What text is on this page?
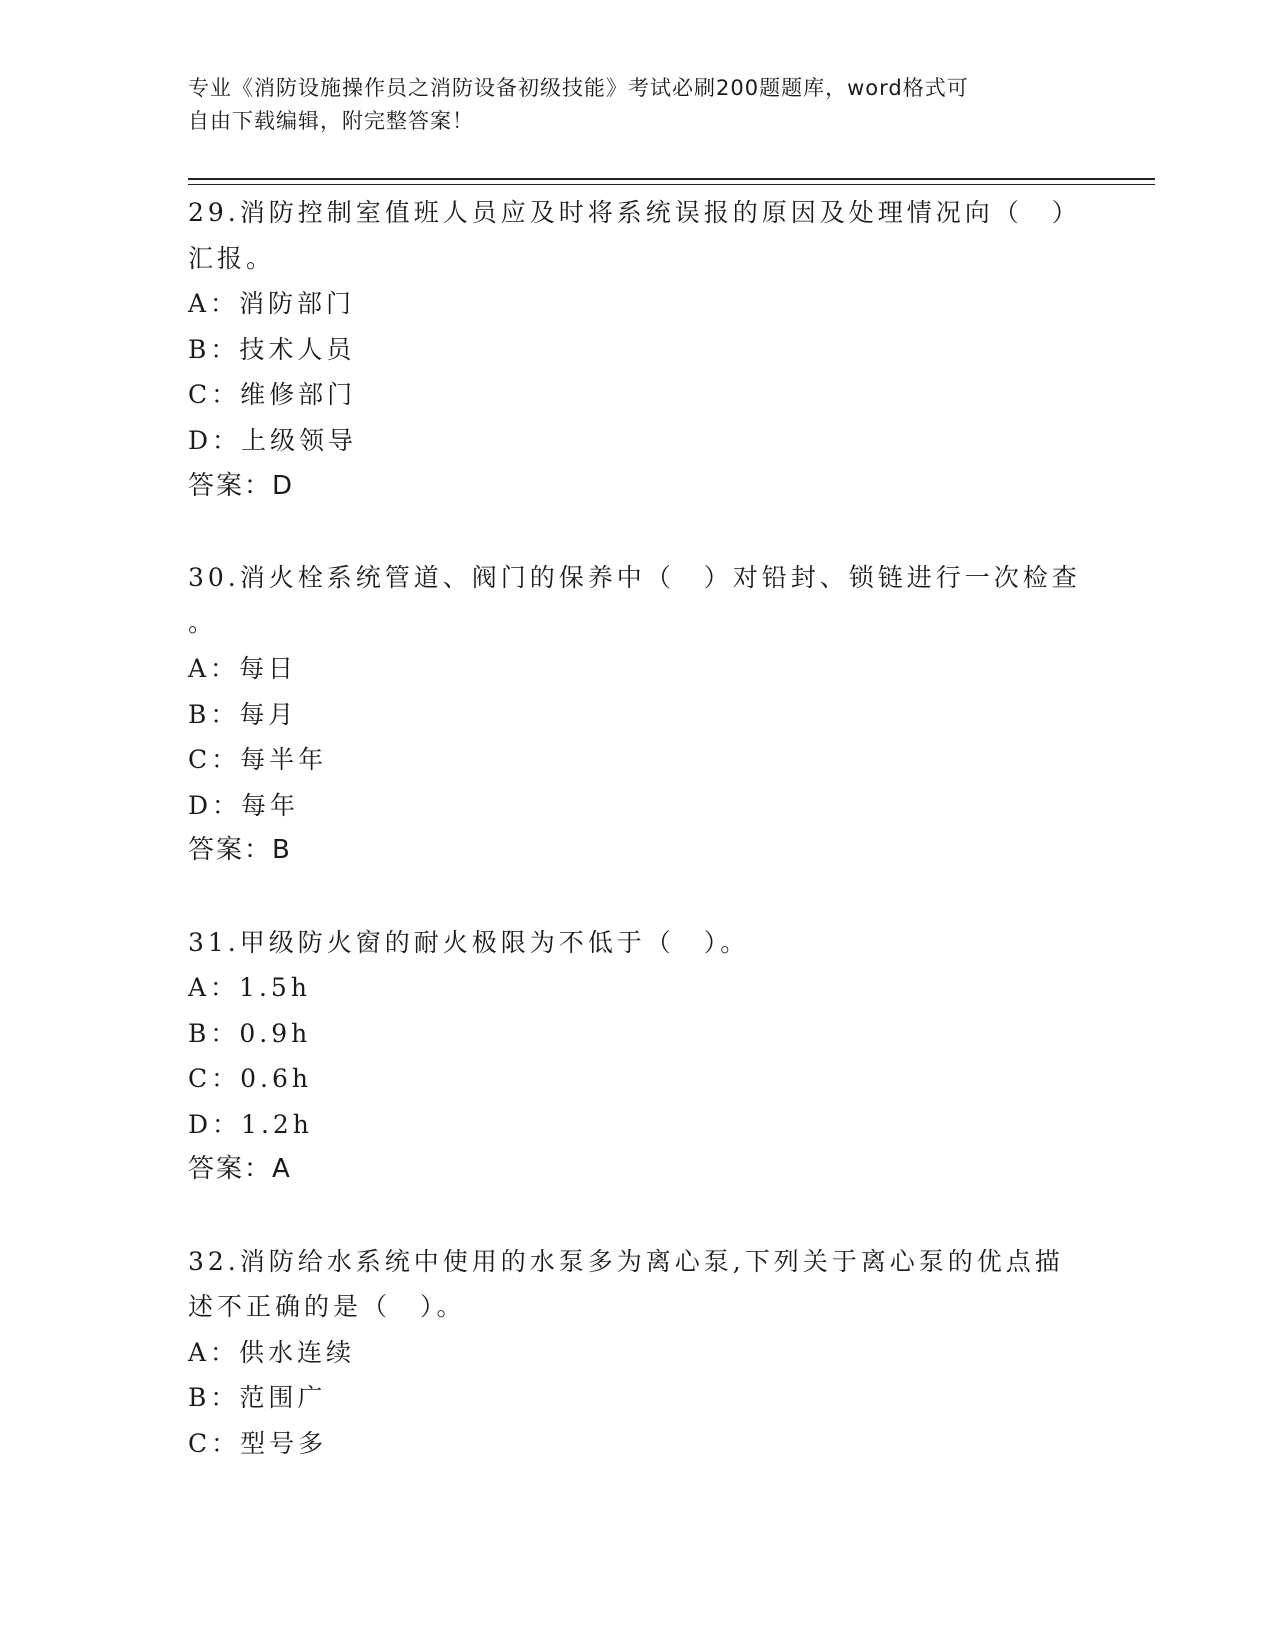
专业《消防设施操作员之消防设备初级技能》考试必刷200题题库，word格式可
自由下载编辑，附完整答案！
29.消防控制室值班人员应及时将系统误报的原因及处理情况向（　）
汇报。
A：消防部门
B：技术人员
C：维修部门
D：上级领导
答案：D
30.消火栓系统管道、阀门的保养中（　）对铅封、锁链进行一次检查
。
A：每日
B：每月
C：每半年
D：每年
答案：B
31.甲级防火窗的耐火极限为不低于（　）。
A：1.5h
B：0.9h
C：0.6h
D：1.2h
答案：A
32.消防给水系统中使用的水泵多为离心泵,下列关于离心泵的优点描
述不正确的是（　）。
A：供水连续
B：范围广
C：型号多
